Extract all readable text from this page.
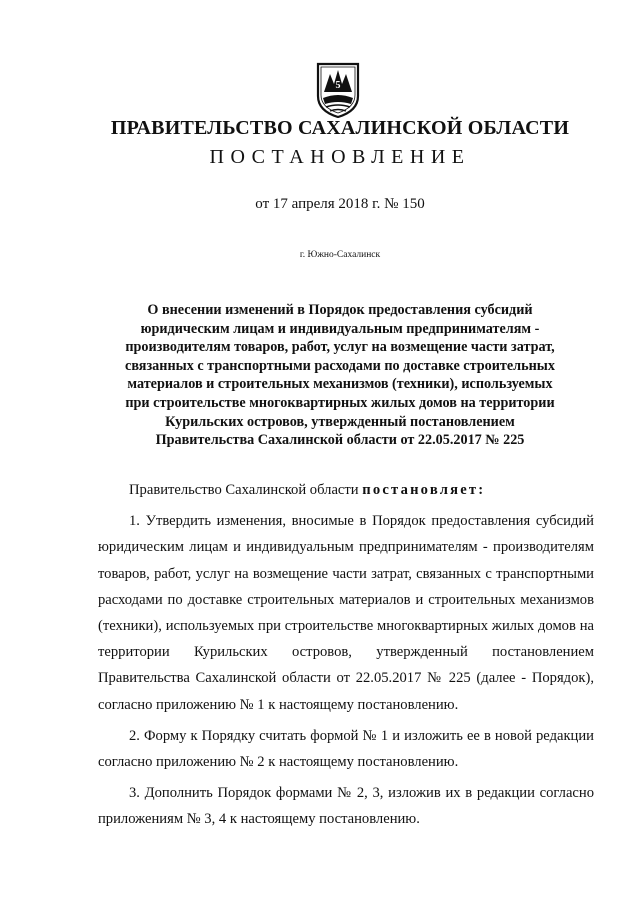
5
ПРАВИТЕЛЬСТВО САХАЛИНСКОЙ ОБЛАСТИ
ПОСТАНОВЛЕНИЕ
от 17 апреля 2018 г. № 150
г. Южно-Сахалинск
О внесении изменений в Порядок предоставления субсидий
юридическим лицам и индивидуальным предпринимателям -
производителям товаров, работ, услуг на возмещение части затрат,
связанных с транспортными расходами по доставке строительных
материалов и строительных механизмов (техники), используемых
при строительстве многоквартирных жилых домов на территории
Курильских островов, утвержденный постановлением
Правительства Сахалинской области от 22.05.2017 № 225

Правительство Сахалинской области постановляет:

1. Утвердить изменения, вносимые в Порядок предоставления субсидий юридическим лицам и индивидуальным предпринимателям - производителям товаров, работ, услуг на возмещение части затрат, связанных с транспортными расходами по доставке строительных материалов и строительных механизмов (техники), используемых при строительстве многоквартирных жилых домов на территории Курильских островов, утвержденный постановлением Правительства Сахалинской области от 22.05.2017 № 225 (далее - Порядок), согласно приложению № 1 к настоящему постановлению.

2. Форму к Порядку считать формой № 1 и изложить ее в новой редакции согласно приложению № 2 к настоящему постановлению.

3. Дополнить Порядок формами № 2, 3, изложив их в редакции согласно приложениям № 3, 4 к настоящему постановлению.
